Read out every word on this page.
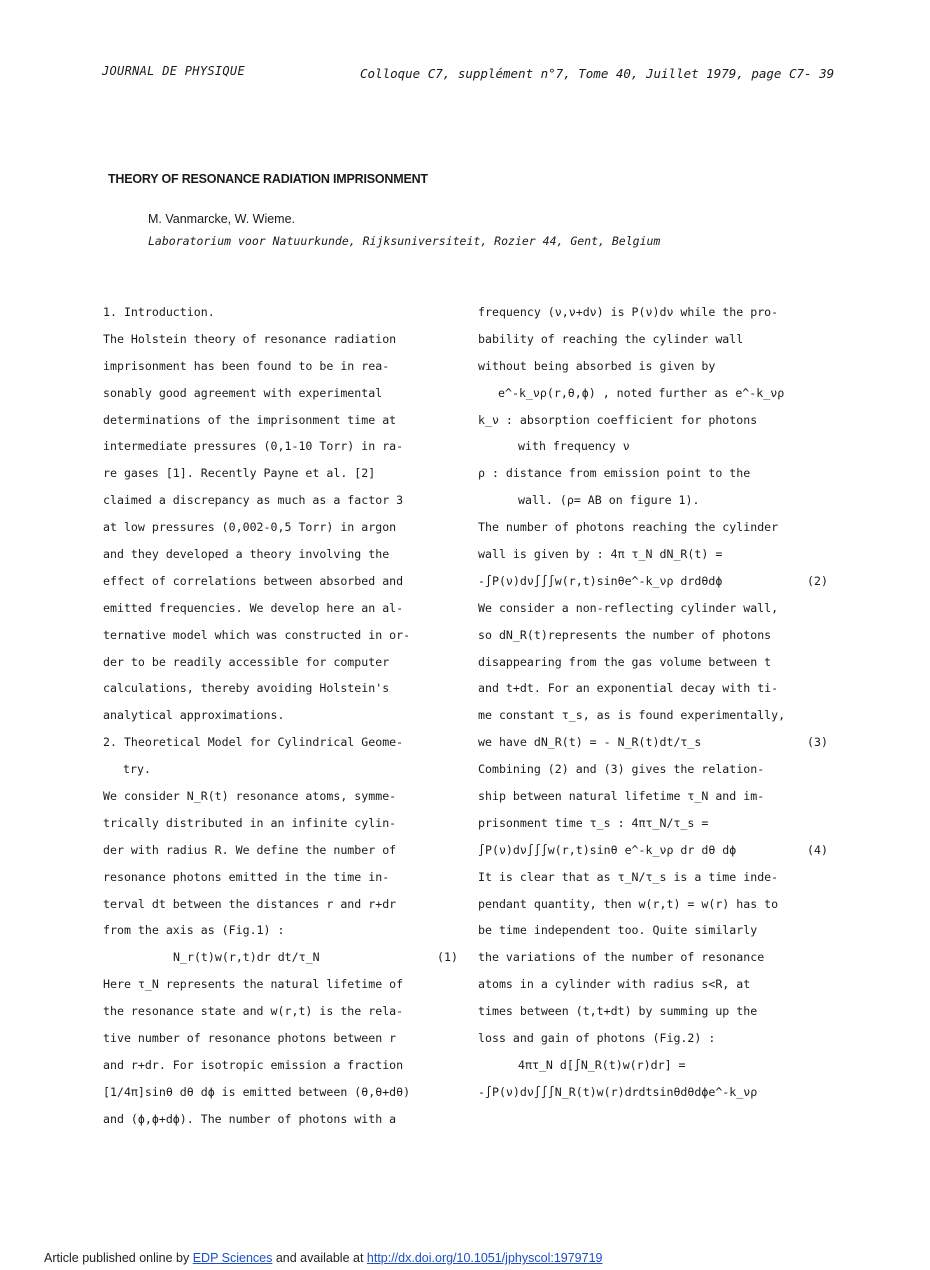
JOURNAL DE PHYSIQUE	Colloque C7, supplément n°7, Tome 40, Juillet 1979, page C7- 39
THEORY OF RESONANCE RADIATION IMPRISONMENT
M. Vanmarcke, W. Wieme.
Laboratorium voor Natuurkunde, Rijksuniversiteit, Rozier 44, Gent, Belgium
1. Introduction.
The Holstein theory of resonance radiation
imprisonment has been found to be in rea-
sonably good agreement with experimental
determinations of the imprisonment time at
intermediate pressures (0,1-10 Torr) in ra-
re gases [1]. Recently Payne et al. [2]
claimed a discrepancy as much as a factor 3
at low pressures (0,002-0,5 Torr) in argon
and they developed a theory involving the
effect of correlations between absorbed and
emitted frequencies. We develop here an al-
ternative model which was constructed in or-
der to be readily accessible for computer
calculations, thereby avoiding Holstein's
analytical approximations.
2. Theoretical Model for Cylindrical Geome-
try.
We consider N_R(t) resonance atoms, symme-
trically distributed in an infinite cylin-
der with radius R. We define the number of
resonance photons emitted in the time in-
terval dt between the distances r and r+dr
from the axis as (Fig.1) :
N_r(t)w(r,t)dr dt/τ_N	(1)
Here τ_N represents the natural lifetime of
the resonance state and w(r,t) is the rela-
tive number of resonance photons between r
and r+dr. For isotropic emission a fraction
[1/4π]sinθ dθ dϕ is emitted between (θ,θ+dθ)
and (ϕ,ϕ+dϕ). The number of photons with a
frequency (ν,ν+dν) is P(ν)dν while the pro-
bability of reaching the cylinder wall
without being absorbed is given by
e^-k_νρ(r,θ,ϕ) , noted further as e^-k_νρ
k_ν : absorption coefficient for photons
with frequency ν
ρ : distance from emission point to the
wall. (ρ= AB on figure 1).
The number of photons reaching the cylinder
wall is given by : 4π τ_N dN_R(t) =
-∫P(ν)dν∫∫∫w(r,t)sinθe^-k_νρ drdθdϕ	(2)
We consider a non-reflecting cylinder wall,
so dN_R(t)represents the number of photons
disappearing from the gas volume between t
and t+dt. For an exponential decay with ti-
me constant τ_s, as is found experimentally,
we have dN_R(t) = - N_R(t)dt/τ_s	(3)
Combining (2) and (3) gives the relation-
ship between natural lifetime τ_N and im-
prisonment time τ_s : 4πτ_N/τ_s =
∫P(ν)dν∫∫∫w(r,t)sinθ e^-k_νρ dr dθ dϕ	(4)
It is clear that as τ_N/τ_s is a time inde-
pendant quantity, then w(r,t) = w(r) has to
be time independent too. Quite similarly
the variations of the number of resonance
atoms in a cylinder with radius s<R, at
times between (t,t+dt) by summing up the
loss and gain of photons (Fig.2) :
4πτ_N d[∫N_R(t)w(r)dr] =
-∫P(ν)dν∫∫∫N_R(t)w(r)drdtsinθdθdϕe^-k_νρ
Article published online by EDP Sciences and available at http://dx.doi.org/10.1051/jphyscol:1979719
